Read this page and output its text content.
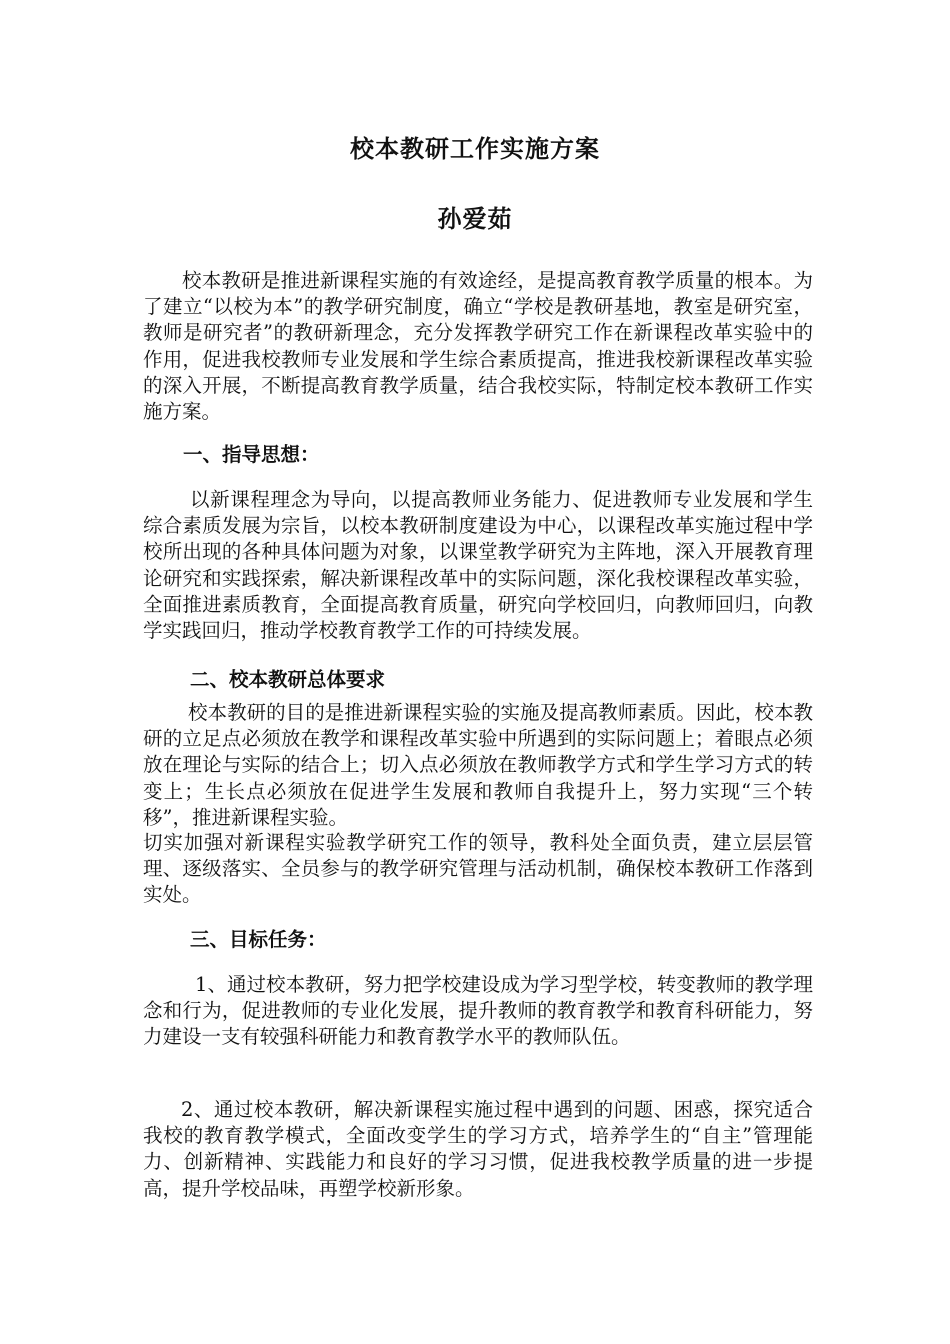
校本教研工作实施方案
孙爱茹

校本教研是推进新课程实施的有效途经，是提高教育教学质量的根本。为了建立“以校为本”的教学研究制度，确立“学校是教研基地，教室是研究室，教师是研究者”的教研新理念，充分发挥教学研究工作在新课程改革实验中的作用，促进我校教师专业发展和学生综合素质提高，推进我校新课程改革实验的深入开展，不断提高教育教学质量，结合我校实际，特制定校本教研工作实施方案。

一、指导思想：

以新课程理念为导向，以提高教师业务能力、促进教师专业发展和学生综合素质发展为宗旨，以校本教研制度建设为中心，以课程改革实施过程中学校所出现的各种具体问题为对象，以课堂教学研究为主阵地，深入开展教育理论研究和实践探索，解决新课程改革中的实际问题，深化我校课程改革实验，全面推进素质教育，全面提高教育质量，研究向学校回归，向教师回归，向教学实践回归，推动学校教育教学工作的可持续发展。

二、校本教研总体要求

校本教研的目的是推进新课程实验的实施及提高教师素质。因此，校本教研的立足点必须放在教学和课程改革实验中所遇到的实际问题上；着眼点必须放在理论与实际的结合上；切入点必须放在教师教学方式和学生学习方式的转变上；生长点必须放在促进学生发展和教师自我提升上，努力实现“三个转移”，推进新课程实验。

切实加强对新课程实验教学研究工作的领导，教科处全面负责，建立层层管理、逐级落实、全员参与的教学研究管理与活动机制，确保校本教研工作落到实处。

三、目标任务：

1、通过校本教研，努力把学校建设成为学习型学校，转变教师的教学理念和行为，促进教师的专业化发展，提升教师的教育教学和教育科研能力，努力建设一支有较强科研能力和教育教学水平的教师队伍。

2、通过校本教研，解决新课程实施过程中遇到的问题、困惑，探究适合我校的教育教学模式，全面改变学生的学习方式，培养学生的“自主”管理能力、创新精神、实践能力和良好的学习习惯，促进我校教学质量的进一步提高，提升学校品味，再塑学校新形象。
